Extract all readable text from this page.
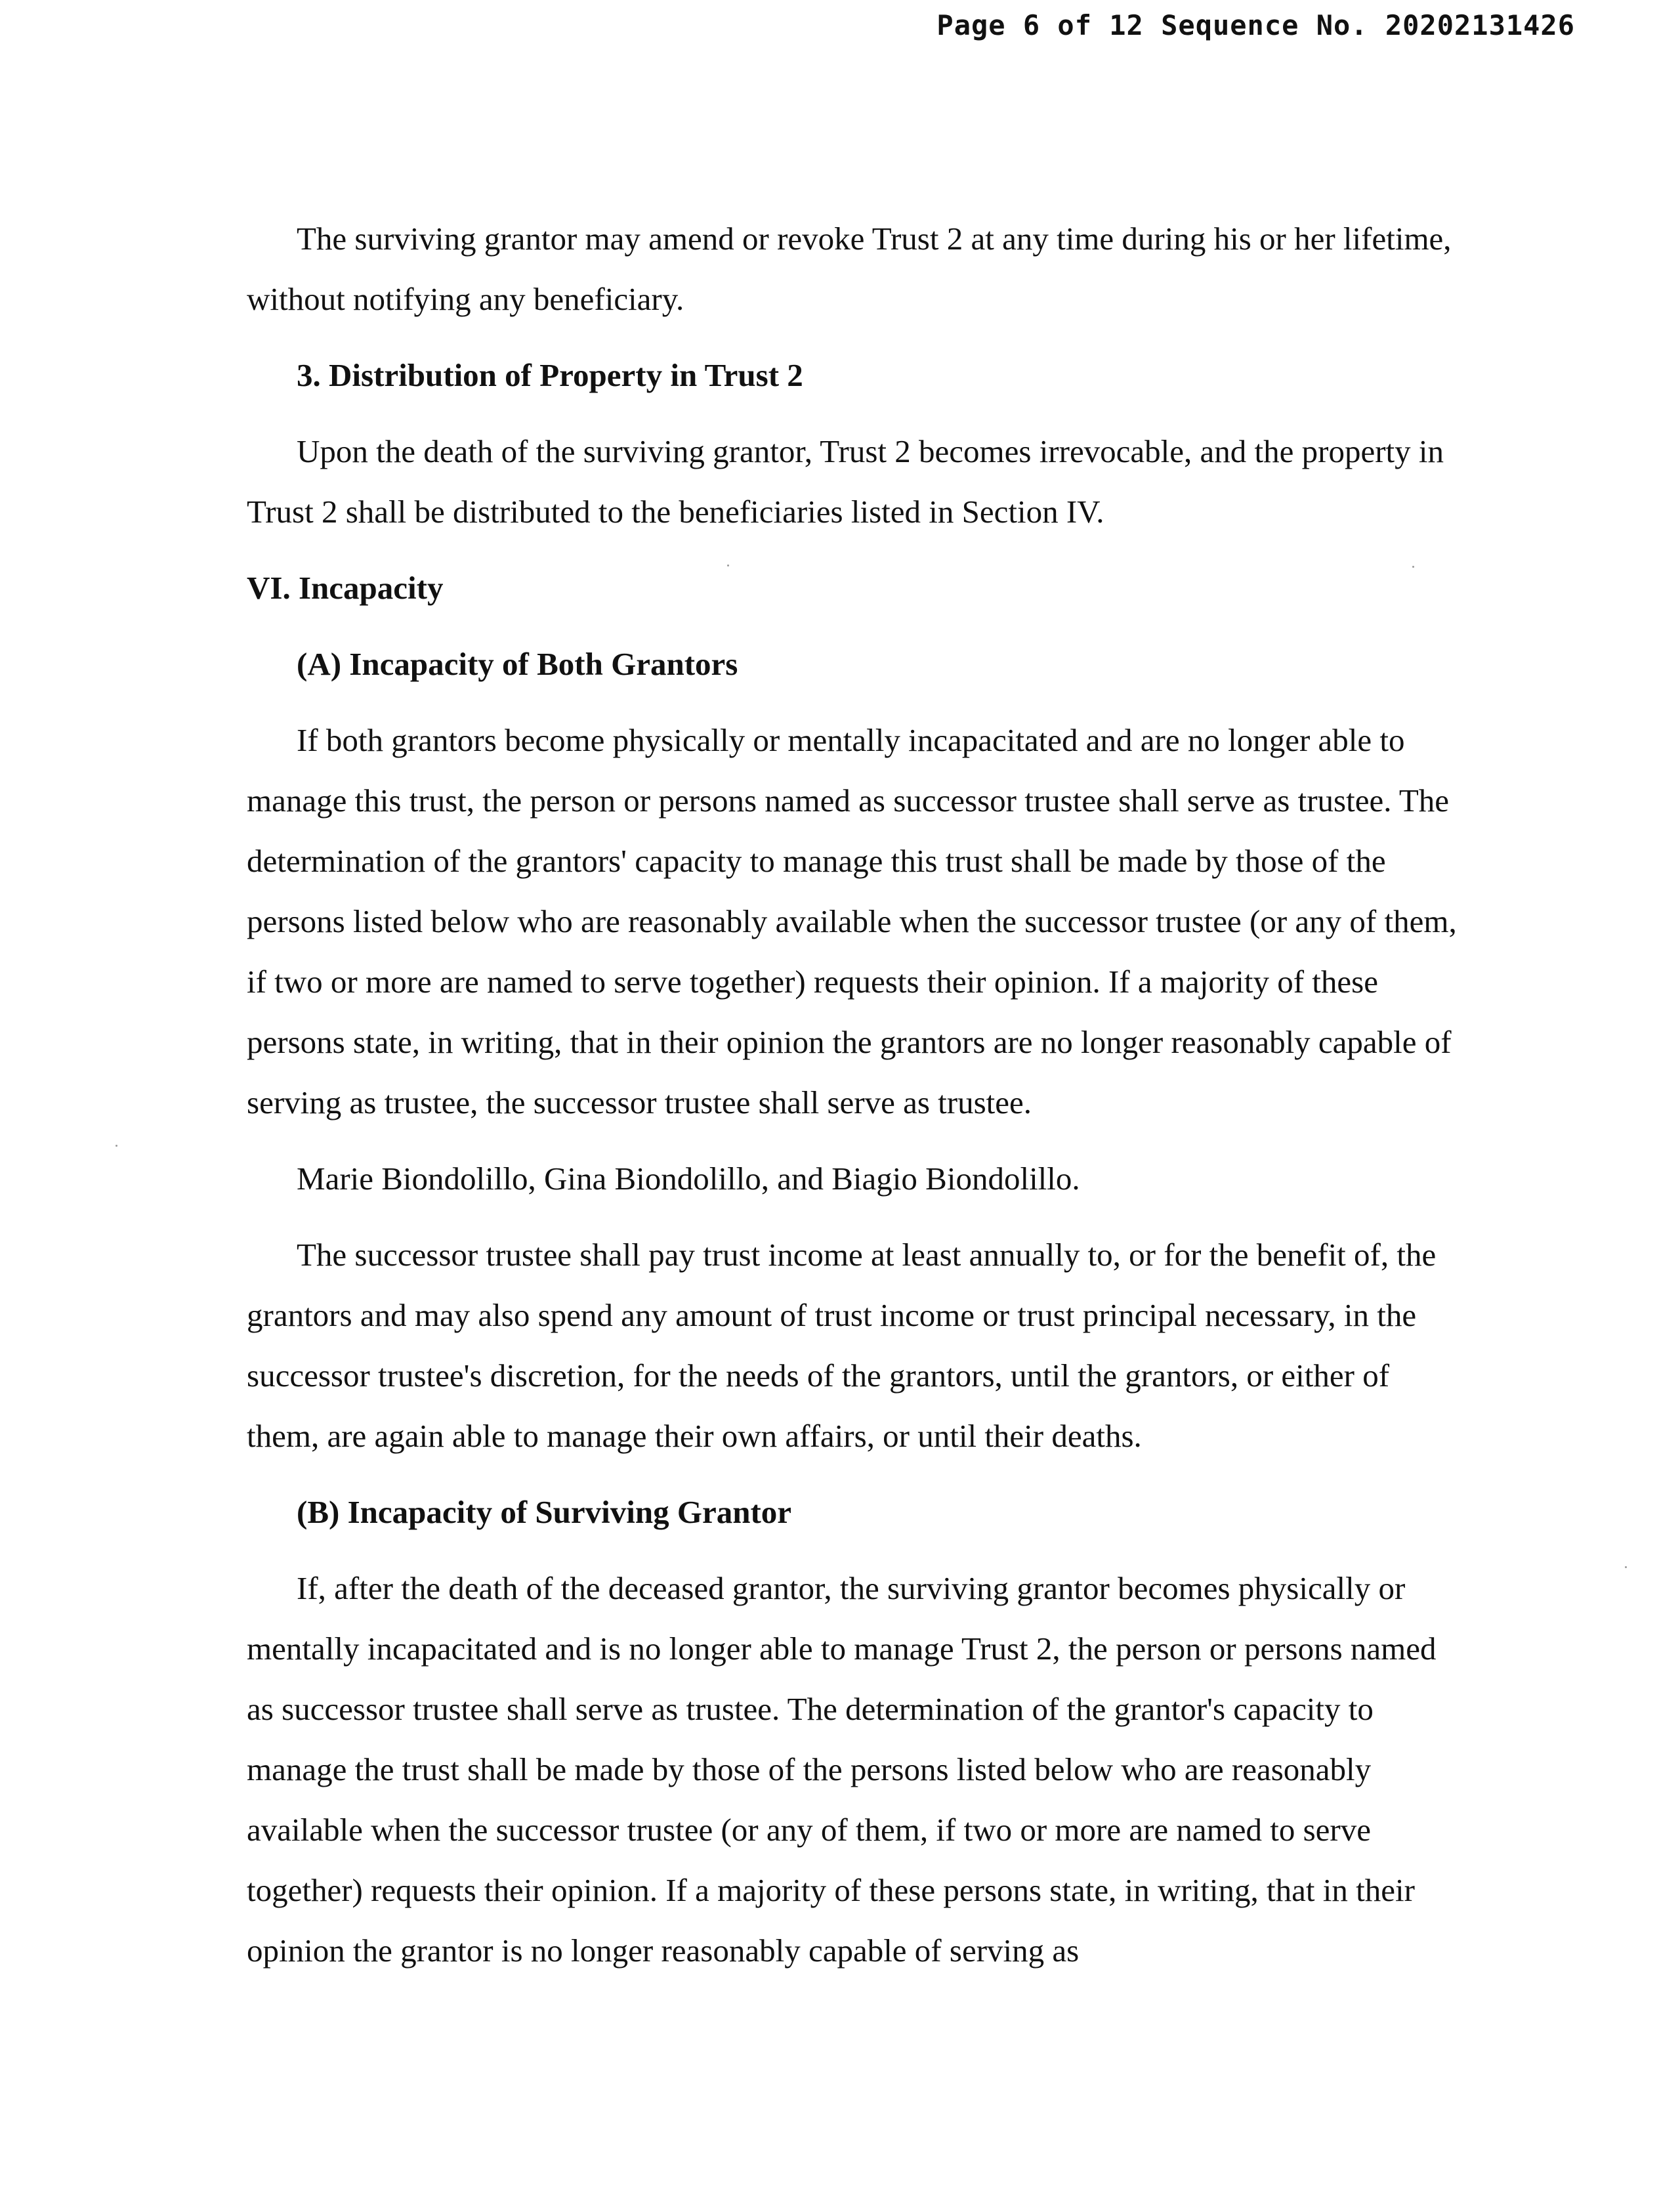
Page 6 of 12 Sequence No. 20202131426

The surviving grantor may amend or revoke Trust 2 at any time during his or her lifetime, without notifying any beneficiary.

3. Distribution of Property in Trust 2

Upon the death of the surviving grantor, Trust 2 becomes irrevocable, and the property in Trust 2 shall be distributed to the beneficiaries listed in Section IV.

VI. Incapacity
(A) Incapacity of Both Grantors

If both grantors become physically or mentally incapacitated and are no longer able to manage this trust, the person or persons named as successor trustee shall serve as trustee. The determination of the grantors' capacity to manage this trust shall be made by those of the persons listed below who are reasonably available when the successor trustee (or any of them, if two or more are named to serve together) requests their opinion. If a majority of these persons state, in writing, that in their opinion the grantors are no longer reasonably capable of serving as trustee, the successor trustee shall serve as trustee.

Marie Biondolillo, Gina Biondolillo, and Biagio Biondolillo.

The successor trustee shall pay trust income at least annually to, or for the benefit of, the grantors and may also spend any amount of trust income or trust principal necessary, in the successor trustee's discretion, for the needs of the grantors, until the grantors, or either of them, are again able to manage their own affairs, or until their deaths.

(B) Incapacity of Surviving Grantor

If, after the death of the deceased grantor, the surviving grantor becomes physically or mentally incapacitated and is no longer able to manage Trust 2, the person or persons named as successor trustee shall serve as trustee. The determination of the grantor's capacity to manage the trust shall be made by those of the persons listed below who are reasonably available when the successor trustee (or any of them, if two or more are named to serve together) requests their opinion. If a majority of these persons state, in writing, that in their opinion the grantor is no longer reasonably capable of serving as
